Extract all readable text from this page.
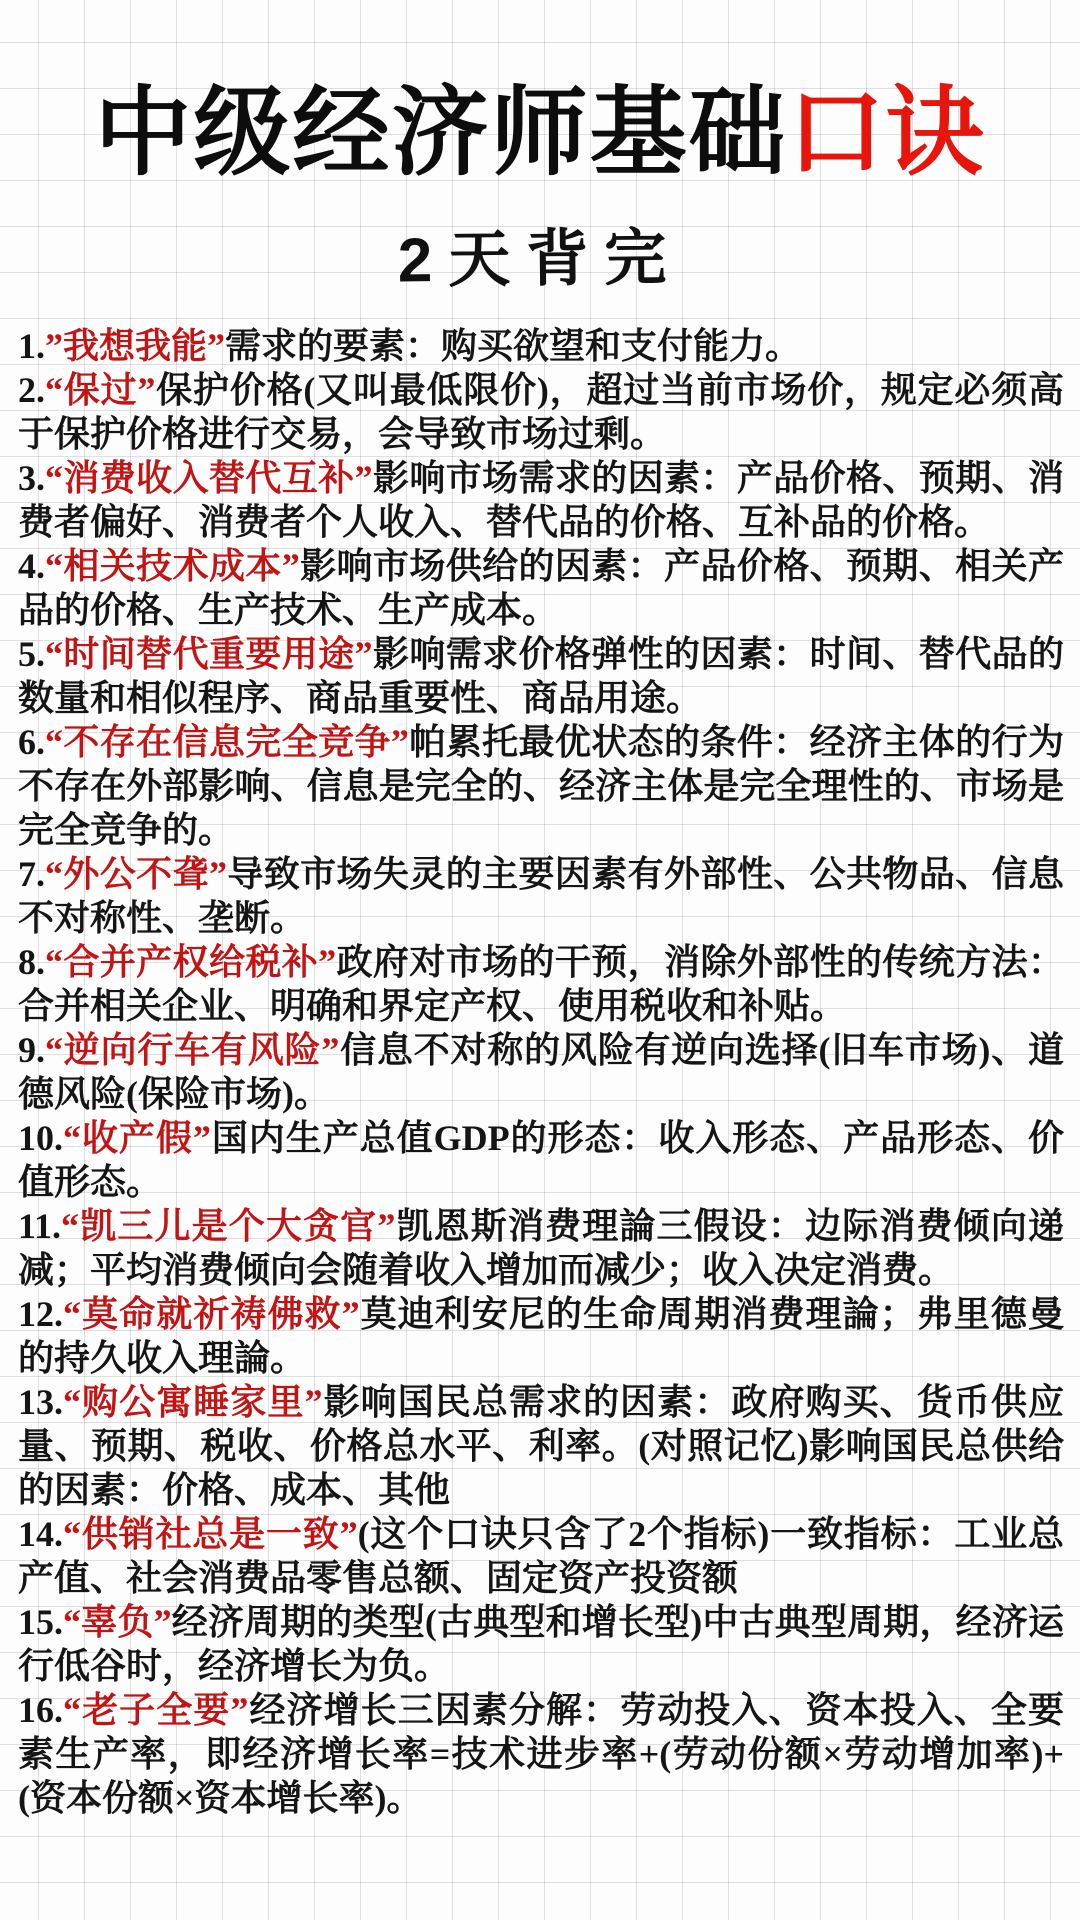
中级经济师基础口诀
2天背完
1.”我想我能”需求的要素：购买欲望和支付能力。
2.“保过”保护价格(又叫最低限价)，超过当前市场价，规定必须高于保护价格进行交易，会导致市场过剩。
3.“消费收入替代互补”影响市场需求的因素：产品价格、预期、消费者偏好、消费者个人收入、替代品的价格、互补品的价格。
4.“相关技术成本”影响市场供给的因素：产品价格、预期、相关产品的价格、生产技术、生产成本。
5.“时间替代重要用途”影响需求价格弹性的因素：时间、替代品的数量和相似程序、商品重要性、商品用途。
6.“不存在信息完全竞争”帕累托最优状态的条件：经济主体的行为不存在外部影响、信息是完全的、经济主体是完全理性的、市场是完全竞争的。
7.“外公不聋”导致市场失灵的主要因素有外部性、公共物品、信息不对称性、垄断。
8.“合并产权给税补”政府对市场的干预，消除外部性的传统方法：合并相关企业、明确和界定产权、使用税收和补贴。
9.“逆向行车有风险”信息不对称的风险有逆向选择(旧车市场)、道德风险(保险市场)。
10.“收产假”国内生产总值GDP的形态：收入形态、产品形态、价值形态。
11.“凯三儿是个大贪官”凯恩斯消费理論三假设：边际消费倾向递减；平均消费倾向会随着收入增加而减少；收入决定消费。
12.“莫命就祈祷佛救”莫迪利安尼的生命周期消费理論；弗里德曼的持久收入理論。
13.“购公寓睡家里”影响国民总需求的因素：政府购买、货币供应量、预期、税收、价格总水平、利率。(对照记忆)影响国民总供给的因素：价格、成本、其他
14.“供销社总是一致”(这个口诀只含了2个指标)一致指标：工业总产值、社会消费品零售总额、固定资产投资额
15.“辜负”经济周期的类型(古典型和增长型)中古典型周期，经济运行低谷时，经济增长为负。
16.“老子全要”经济增长三因素分解：劳动投入、资本投入、全要素生产率，即经济增长率=技术进步率+(劳动份额×劳动增加率)+(资本份额×资本增长率)。
